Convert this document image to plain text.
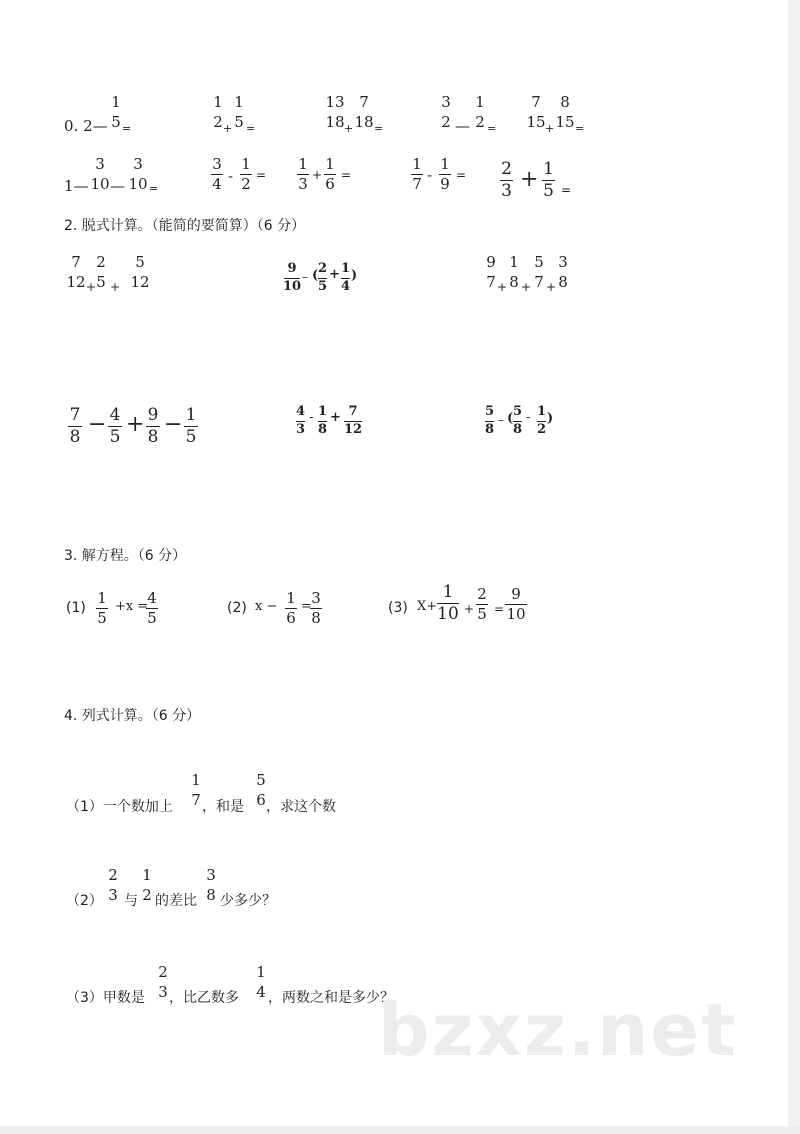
0. 2—
1
5 =
1
2 +
1
5 =
13
18 +
7
18 =
3
2 —
1
2 =
7
15 +
8
15 =
1—
3
10 —
3
10 =
3
4 -
1
2 =
1
3 +
1
6 =
1
7 -
1
9 = 2
3 + 1
5 =
2. 脱式计算。（能简的要简算）（6 分）
7
12 +
2
5 +
5
12
9
10
– ( 2
5
+ 1
4
)
9
7 +
1
8 +
5
7 +
3
8
7
8 − 4
5 + 9
8 − 1
5
4
3
- 1
8
+ 7
12
5
8
– ( 5
8
- 1
2
)
3. 解方程。（6 分）
(1)
1
5
+x =
4
5
(2) x − 1
6
= 3
8
(3) X+
1
10 +
2
5 =
9
10
4. 列式计算。（6 分）
（1）一个数加上
1
7 ，和是
5
6 ，求这个数
（2）
2
3 与
1
2 的差比
3
8 少多少？
（3）甲数是
2
3 ，比乙数多
1
4 ，两数之和是多少？
bzxz.net
